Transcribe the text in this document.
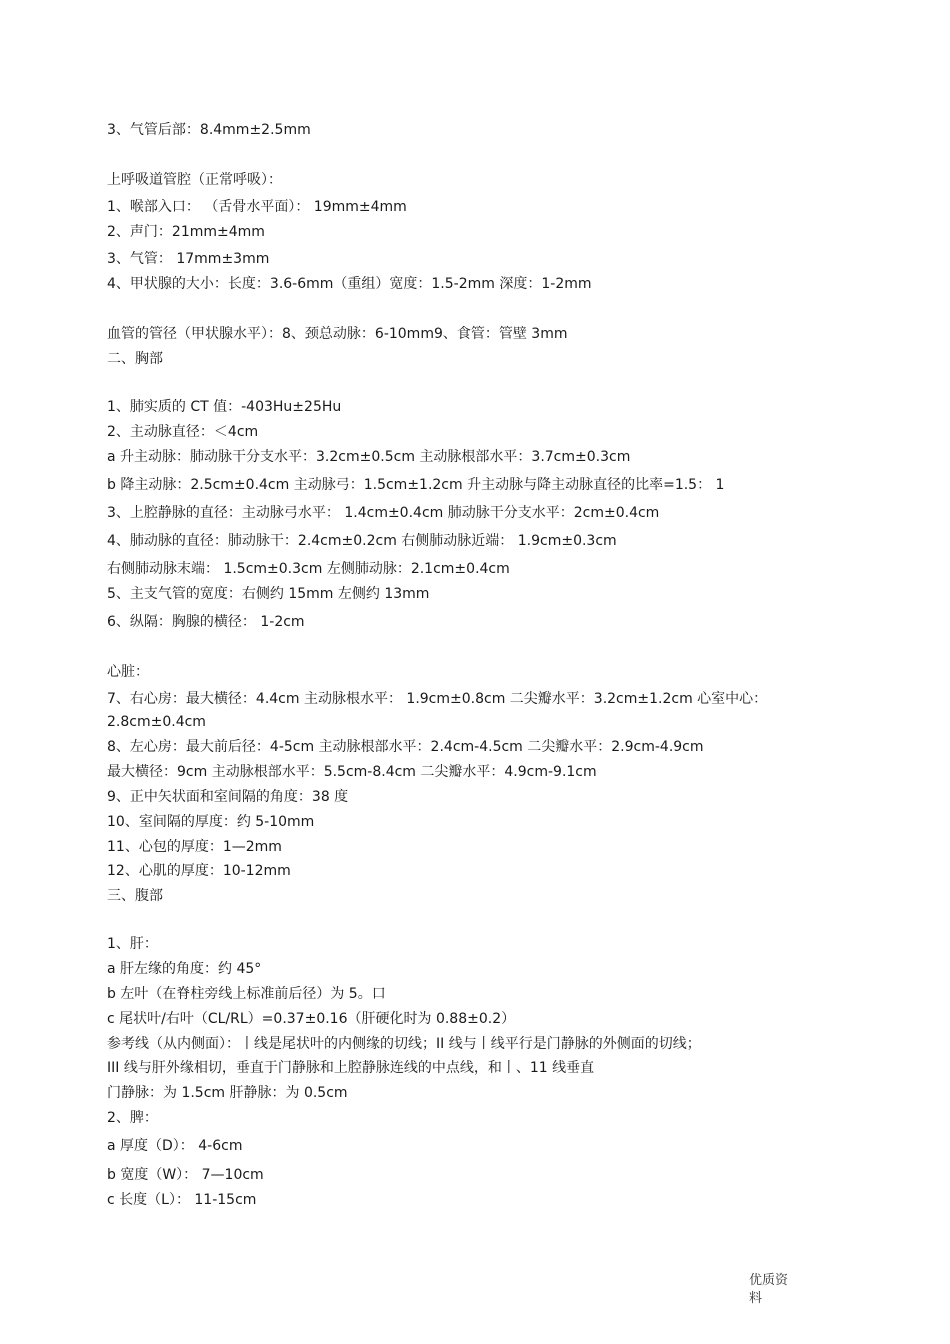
3、气管后部：8.4mm±2.5mm
上呼吸道管腔（正常呼吸）：
1、喉部入口： （舌骨水平面）： 19mm±4mm
2、声门：21mm±4mm
3、气管： 17mm±3mm
4、甲状腺的大小：长度：3.6-6mm（重组）宽度：1.5-2mm 深度：1-2mm
血管的管径（甲状腺水平）：8、颈总动脉：6-10mm9、食管：管壁 3mm
二、胸部
1、肺实质的 CT 值：-403Hu±25Hu
2、主动脉直径：＜4cm
a 升主动脉：肺动脉干分支水平：3.2cm±0.5cm 主动脉根部水平：3.7cm±0.3cm
b 降主动脉：2.5cm±0.4cm 主动脉弓：1.5cm±1.2cm 升主动脉与降主动脉直径的比率=1.5： 1
3、上腔静脉的直径：主动脉弓水平： 1.4cm±0.4cm 肺动脉干分支水平：2cm±0.4cm
4、肺动脉的直径：肺动脉干：2.4cm±0.2cm 右侧肺动脉近端： 1.9cm±0.3cm
右侧肺动脉末端： 1.5cm±0.3cm 左侧肺动脉：2.1cm±0.4cm
5、主支气管的宽度：右侧约 15mm 左侧约 13mm
6、纵隔：胸腺的横径： 1-2cm
心脏：
7、右心房：最大横径：4.4cm 主动脉根水平： 1.9cm±0.8cm 二尖瓣水平：3.2cm±1.2cm 心室中心：
2.8cm±0.4cm
8、左心房：最大前后径：4-5cm 主动脉根部水平：2.4cm-4.5cm 二尖瓣水平：2.9cm-4.9cm
最大横径：9cm 主动脉根部水平：5.5cm-8.4cm 二尖瓣水平：4.9cm-9.1cm
9、正中矢状面和室间隔的角度：38 度
10、室间隔的厚度：约 5-10mm
11、心包的厚度：1—2mm
12、心肌的厚度：10-12mm
三、腹部
1、肝：
a 肝左缘的角度：约 45°
b 左叶（在脊柱旁线上标准前后径）为 5。口
c 尾状叶/右叶（CL/RL）=0.37±0.16（肝硬化时为 0.88±0.2）
参考线（从内侧面）：丨线是尾状叶的内侧缘的切线；II 线与丨线平行是门静脉的外侧面的切线；
III 线与肝外缘相切，垂直于门静脉和上腔静脉连线的中点线，和丨、11 线垂直
门静脉：为 1.5cm 肝静脉：为 0.5cm
2、脾：
a 厚度（D）： 4-6cm
b 宽度（W）： 7—10cm
c 长度（L）： 11-15cm
优质资料
